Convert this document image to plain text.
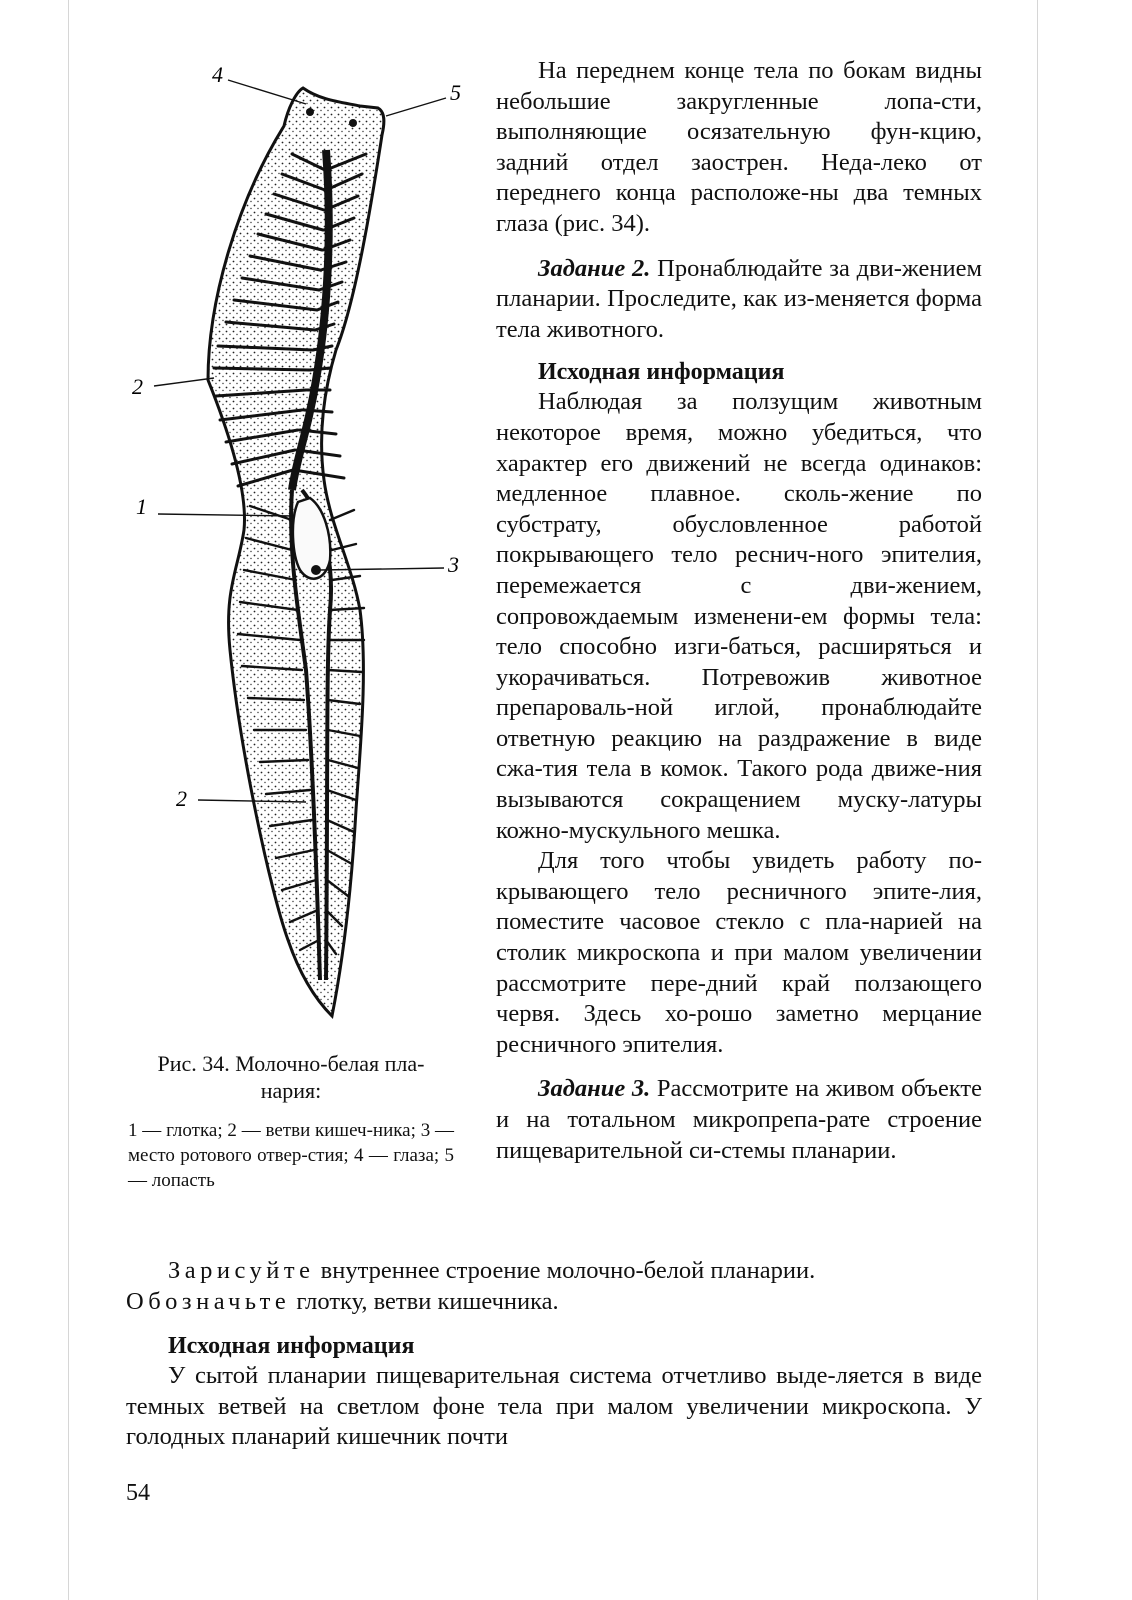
4
5
2
1
3
2
Рис. 34. Молочно-белая пла-нария:
1 — глотка; 2 — ветви кишеч-ника; 3 — место ротового отвер-стия; 4 — глаза; 5 — лопасть

На переднем конце тела по бокам видны небольшие закругленные лопа-сти, выполняющие осязательную фун-кцию, задний отдел заострен. Неда-леко от переднего конца расположе-ны два темных глаза (рис. 34).

Задание 2. Пронаблюдайте за дви-жением планарии. Проследите, как из-меняется форма тела животного.

Исходная информация

Наблюдая за ползущим животным некоторое время, можно убедиться, что характер его движений не всегда одинаков: медленное плавное. сколь-жение по субстрату, обусловленное работой покрывающего тело реснич-ного эпителия, перемежается с дви-жением, сопровождаемым изменени-ем формы тела: тело способно изги-баться, расширяться и укорачиваться. Потревожив животное препароваль-ной иглой, пронаблюдайте ответную реакцию на раздражение в виде сжа-тия тела в комок. Такого рода движе-ния вызываются сокращением муску-латуры кожно-мускульного мешка.

Для того чтобы увидеть работу по-крывающего тело ресничного эпите-лия, поместите часовое стекло с пла-нарией на столик микроскопа и при малом увеличении рассмотрите пере-дний край ползающего червя. Здесь хо-рошо заметно мерцание ресничного эпителия.

Задание 3. Рассмотрите на живом объекте и на тотальном микропрепа-рате строение пищеварительной си-стемы планарии.

Зарисуйте внутреннее строение молочно-белой планарии.

Обозначьте глотку, ветви кишечника.

Исходная информация

У сытой планарии пищеварительная система отчетливо выде-ляется в виде темных ветвей на светлом фоне тела при малом увеличении микроскопа. У голодных планарий кишечник почти

54
